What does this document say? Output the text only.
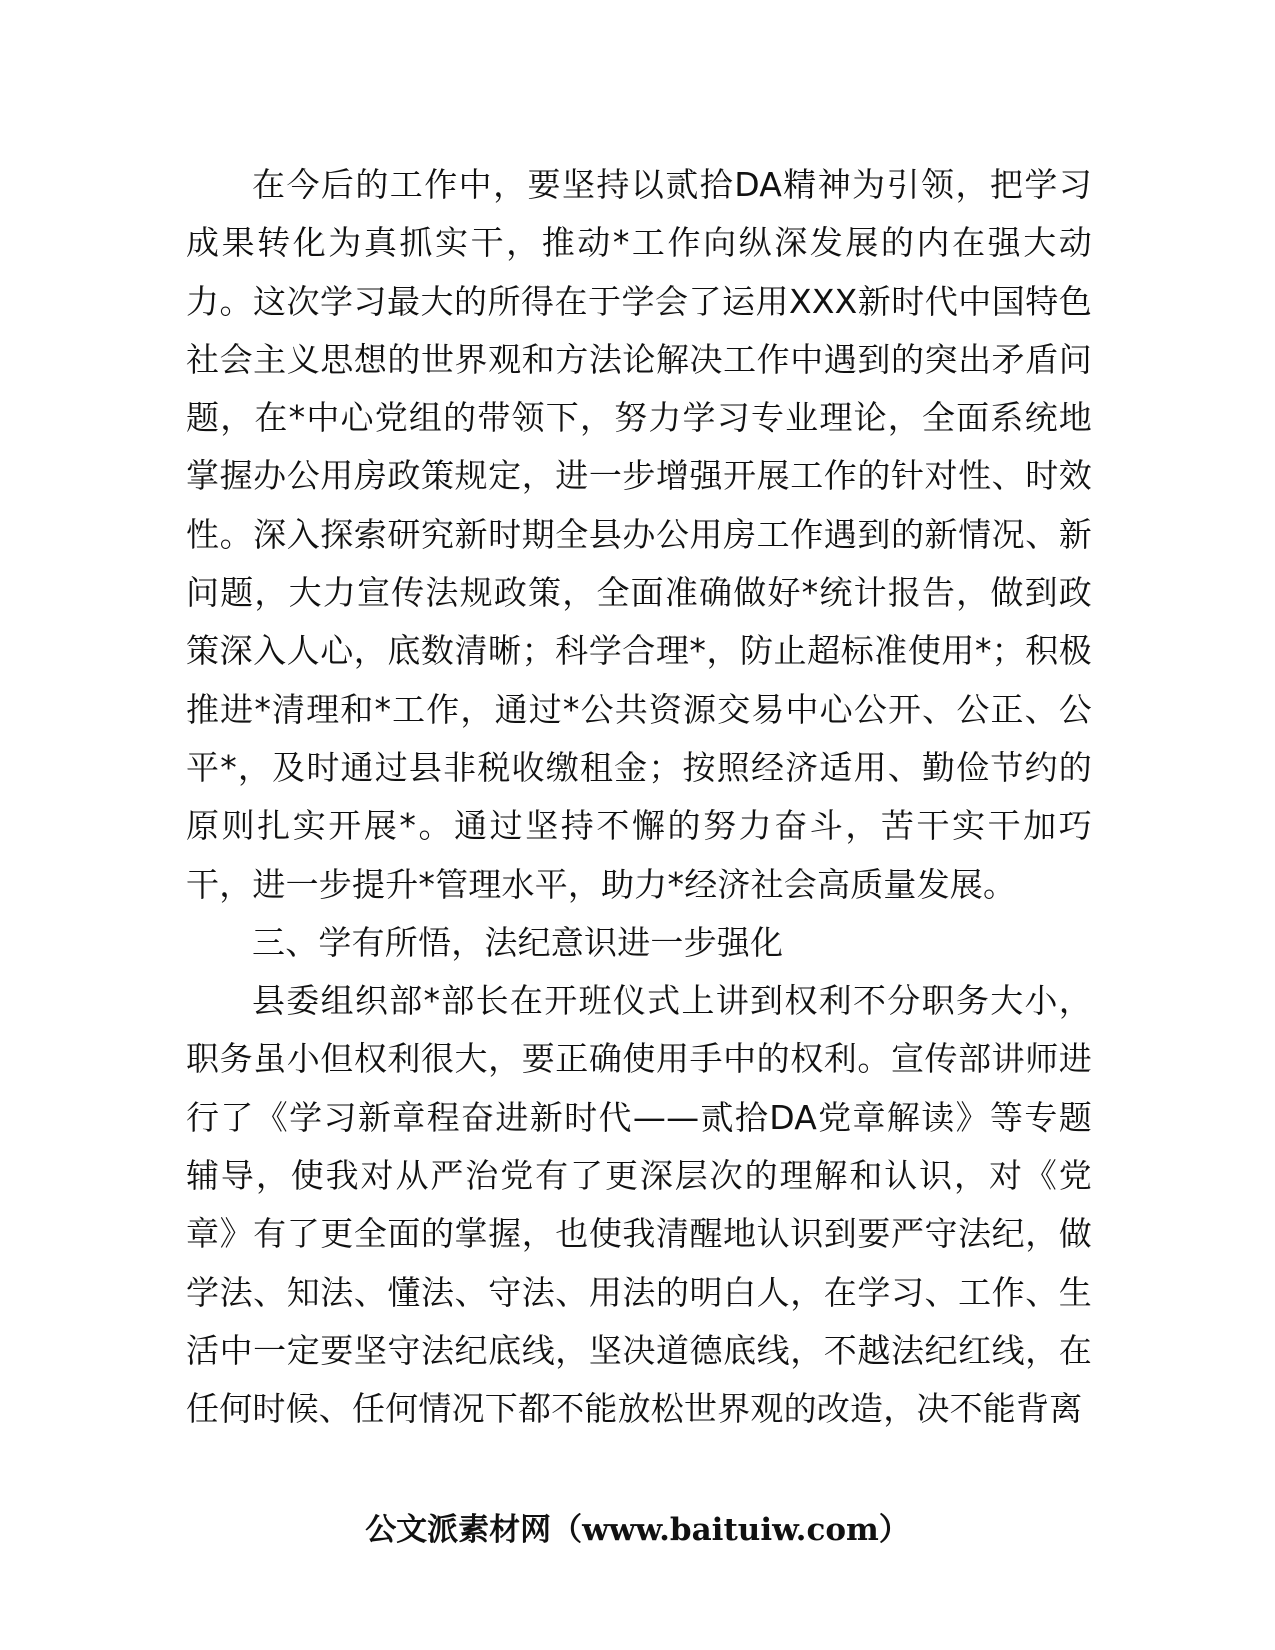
在今后的工作中，要坚持以贰拾DA精神为引领，把学习成果转化为真抓实干，推动*工作向纵深发展的内在强大动力。这次学习最大的所得在于学会了运用XXX新时代中国特色社会主义思想的世界观和方法论解决工作中遇到的突出矛盾问题，在*中心党组的带领下，努力学习专业理论，全面系统地掌握办公用房政策规定，进一步增强开展工作的针对性、时效性。深入探索研究新时期全县办公用房工作遇到的新情况、新问题，大力宣传法规政策，全面准确做好*统计报告，做到政策深入人心，底数清晰；科学合理*，防止超标准使用*；积极推进*清理和*工作，通过*公共资源交易中心公开、公正、公平*，及时通过县非税收缴租金；按照经济适用、勤俭节约的原则扎实开展*。通过坚持不懈的努力奋斗，苦干实干加巧干，进一步提升*管理水平，助力*经济社会高质量发展。

三、学有所悟，法纪意识进一步强化

县委组织部*部长在开班仪式上讲到权利不分职务大小，职务虽小但权利很大，要正确使用手中的权利。宣传部讲师进行了《学习新章程奋进新时代——贰拾DA党章解读》等专题辅导，使我对从严治党有了更深层次的理解和认识，对《党章》有了更全面的掌握，也使我清醒地认识到要严守法纪，做学法、知法、懂法、守法、用法的明白人，在学习、工作、生活中一定要坚守法纪底线，坚决道德底线，不越法纪红线，在任何时候、任何情况下都不能放松世界观的改造，决不能背离

公文派素材网（www.baituiw.com）
